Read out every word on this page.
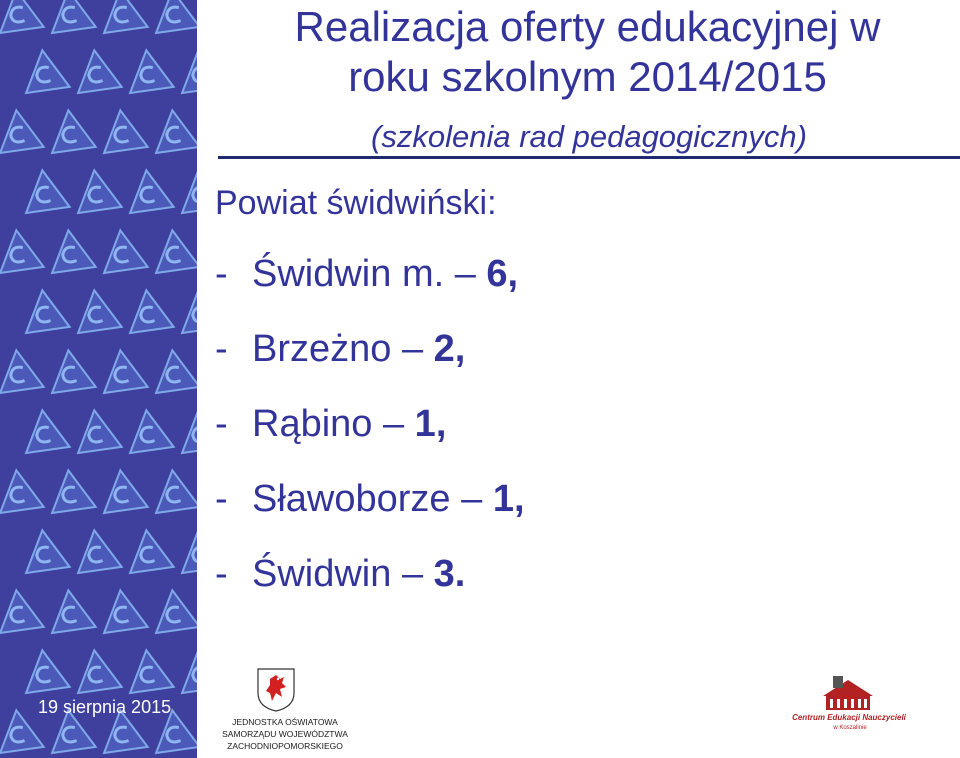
19 sierpnia 2015
Realizacja oferty edukacyjnej w
roku szkolnym 2014/2015
(szkolenia rad pedagogicznych)
Powiat świdwiński:
- Świdwin m. – 6,
- Brzeżno – 2,
- Rąbino – 1,
- Sławoborze – 1,
- Świdwin – 3.
JEDNOSTKA OŚWIATOWA
SAMORZĄDU WOJEWÓDZTWA
ZACHODNIOPOMORSKIEGO
Centrum Edukacji Nauczycieli
w Koszalinie
